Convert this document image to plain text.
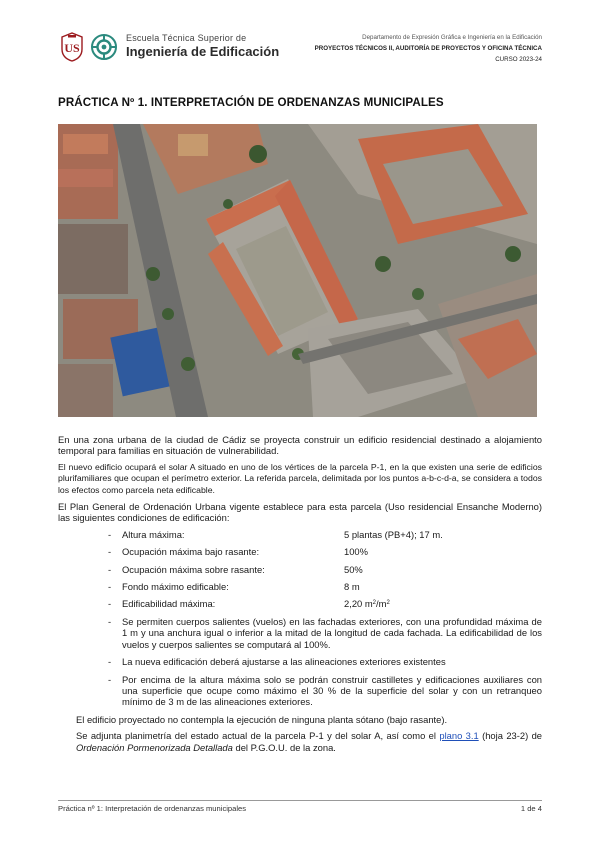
US
Escuela Técnica Superior de
Ingeniería de Edificación
Departamento de Expresión Gráfica e Ingeniería en la Edificación
PROYECTOS TÉCNICOS II, AUDITORÍA DE PROYECTOS Y OFICINA TÉCNICA
CURSO 2023-24
PRÁCTICA Nº 1. INTERPRETACIÓN DE ORDENANZAS MUNICIPALES

En una zona urbana de la ciudad de Cádiz se proyecta construir un edificio residencial destinado a alojamiento temporal para familias en situación de vulnerabilidad.

El nuevo edificio ocupará el solar A situado en uno de los vértices de la parcela P-1, en la que existen una serie de edificios plurifamiliares que ocupan el perímetro exterior. La referida parcela, delimitada por los puntos a-b-c-d-a, se considera a todos los efectos como parcela neta edificable.

El Plan General de Ordenación Urbana vigente establece para esta parcela (Uso residencial Ensanche Moderno) las siguientes condiciones de edificación:

- Altura máxima:	5 plantas (PB+4); 17 m.
- Ocupación máxima bajo rasante:	100%
- Ocupación máxima sobre rasante:	50%
- Fondo máximo edificable:	8 m
- Edificabilidad máxima:	2,20 $m^2/m^2$
- Se permiten cuerpos salientes (vuelos) en las fachadas exteriores, con una profundidad máxima de 1 m y una anchura igual o inferior a la mitad de la longitud de cada fachada. La edificabilidad de los vuelos y cuerpos salientes se computará al 100%.
- La nueva edificación deberá ajustarse a las alineaciones exteriores existentes
- Por encima de la altura máxima solo se podrán construir castilletes y edificaciones auxiliares con una superficie que ocupe como máximo el 30 % de la superficie del solar y con un retranqueo mínimo de 3 m de las alineaciones exteriores.

El edificio proyectado no contempla la ejecución de ninguna planta sótano (bajo rasante).

Se adjunta planimetría del estado actual de la parcela P-1 y del solar A, así como el plano 3.1 (hoja 23-2) de Ordenación Pormenorizada Detallada del P.G.O.U. de la zona.

Práctica nº 1: Interpretación de ordenanzas municipales	1 de 4
